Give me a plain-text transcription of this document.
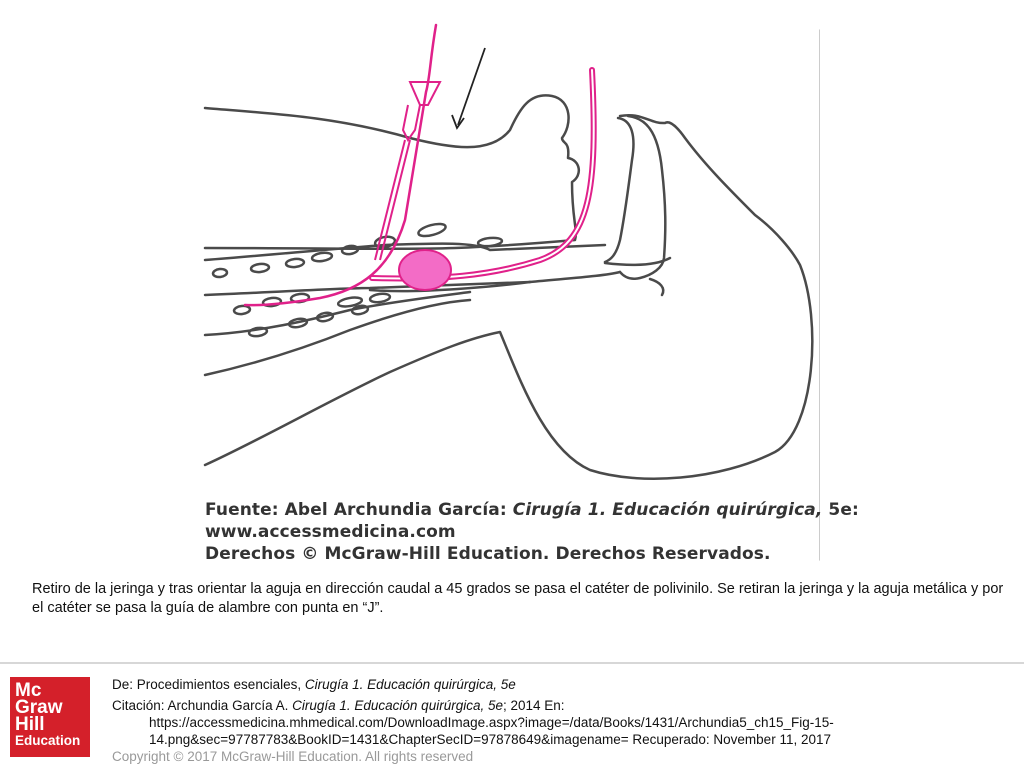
Fuente: Abel Archundia García: Cirugía 1. Educación quirúrgica, 5e:

www.accessmedicina.com

Derechos © McGraw-Hill Education. Derechos Reservados.

Retiro de la jeringa y tras orientar la aguja en dirección caudal a 45 grados se pasa el catéter de polivinilo. Se retiran la jeringa y la aguja metálica y por el catéter se pasa la guía de alambre con punta en “J”.

Mc
Graw
Hill
Education

De: Procedimientos esenciales, Cirugía 1. Educación quirúrgica, 5e

Citación: Archundia García A. Cirugía 1. Educación quirúrgica, 5e; 2014 En:

https://accessmedicina.mhmedical.com/DownloadImage.aspx?image=/data/Books/1431/Archundia5_ch15_Fig-15-

14.png&sec=97787783&BookID=1431&ChapterSecID=97878649&imagename= Recuperado: November 11, 2017

Copyright © 2017 McGraw-Hill Education. All rights reserved
